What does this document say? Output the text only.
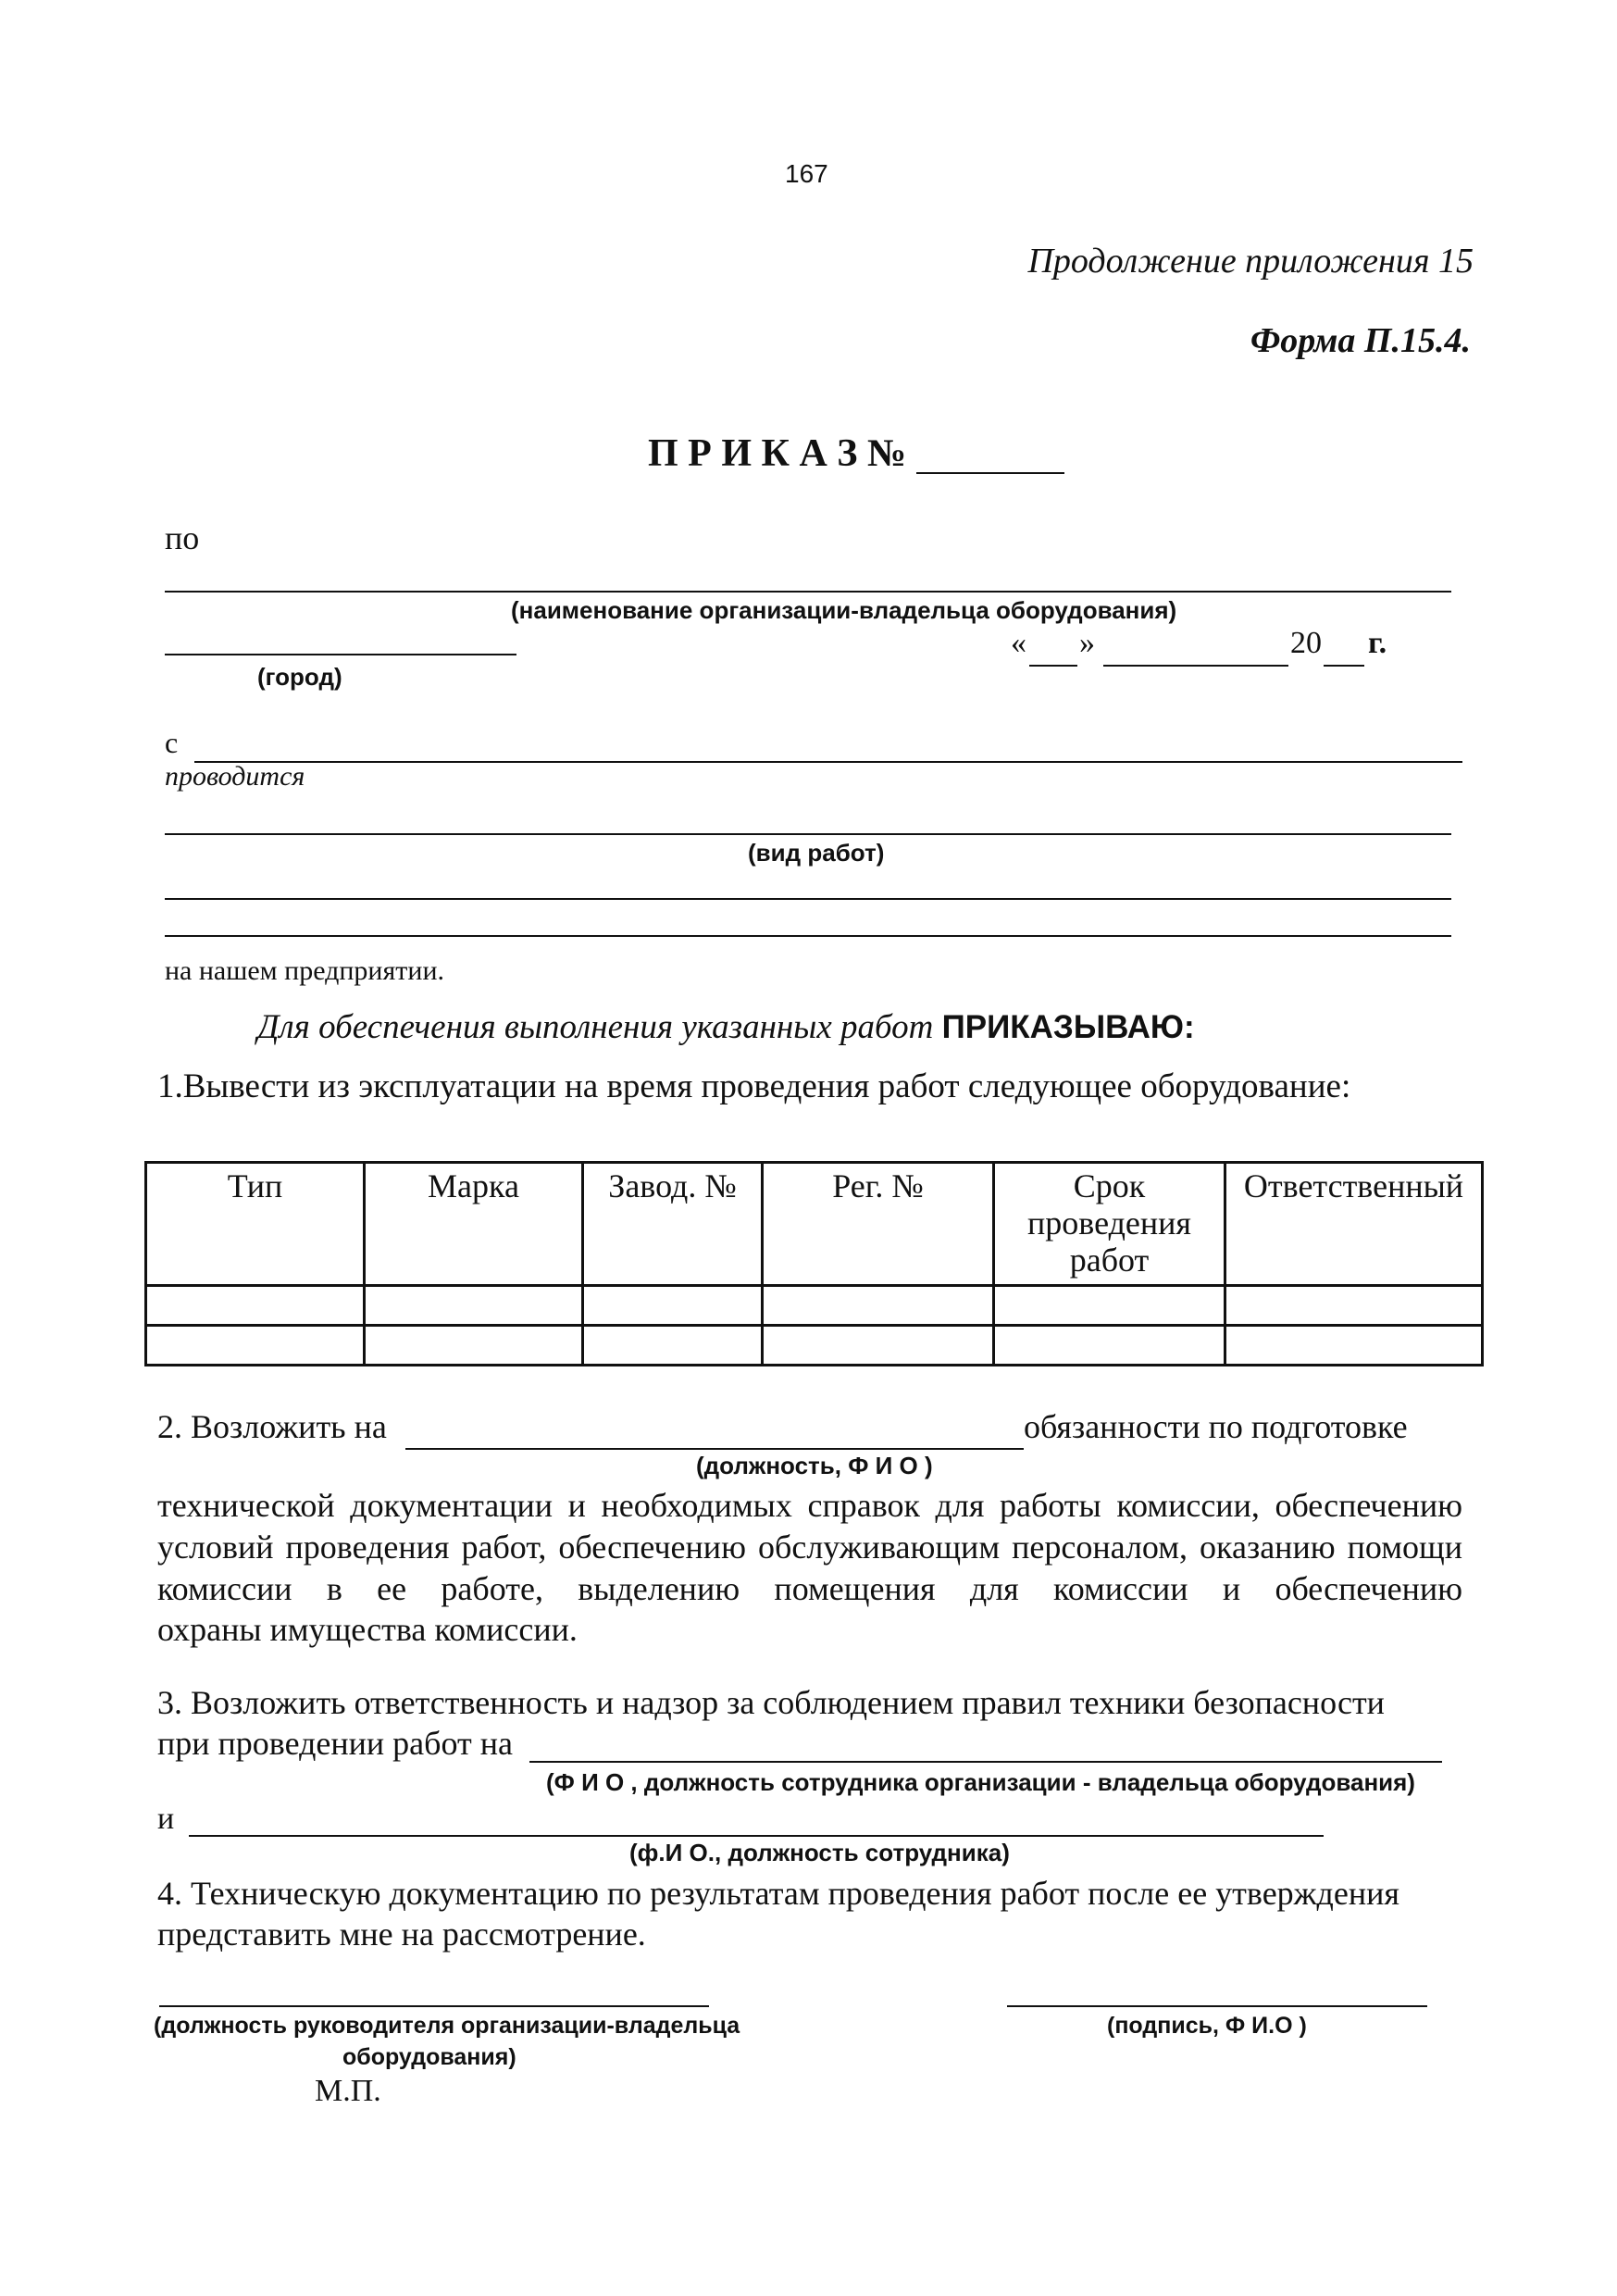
167
Продолжение приложения 15
Форма П.15.4.
П Р И К А З №
по
(наименование организации-владельца оборудования)
(город)
« »	20 г.
с
проводится
(вид работ)
на нашем предприятии.
Для обеспечения выполнения указанных работ ПРИКАЗЫВАЮ:
1.Вывести из эксплуатации на время проведения работ следующее оборудование:
Тип	Марка	Завод. №	Рег. №	Срок проведения работ	Ответственный

2. Возложить на	обязанности по подготовке
(должность, Ф И О )
технической документации и необходимых справок для работы комиссии, обеспечению условий проведения работ, обеспечению обслуживающим персоналом, оказанию помощи комиссии в ее работе, выделению помещения для комиссии и обеспечению
охраны имущества комиссии.
3. Возложить ответственность и надзор за соблюдением правил техники безопасности
при проведении работ на
(Ф И О , должность сотрудника организации - владельца оборудования)
и
(ф.И О., должность сотрудника)
4. Техническую документацию по результатам проведения работ после ее утверждения
представить мне на рассмотрение.
(должность руководителя организации-владельца
оборудования)
М.П.
(подпись, Ф И.О )
